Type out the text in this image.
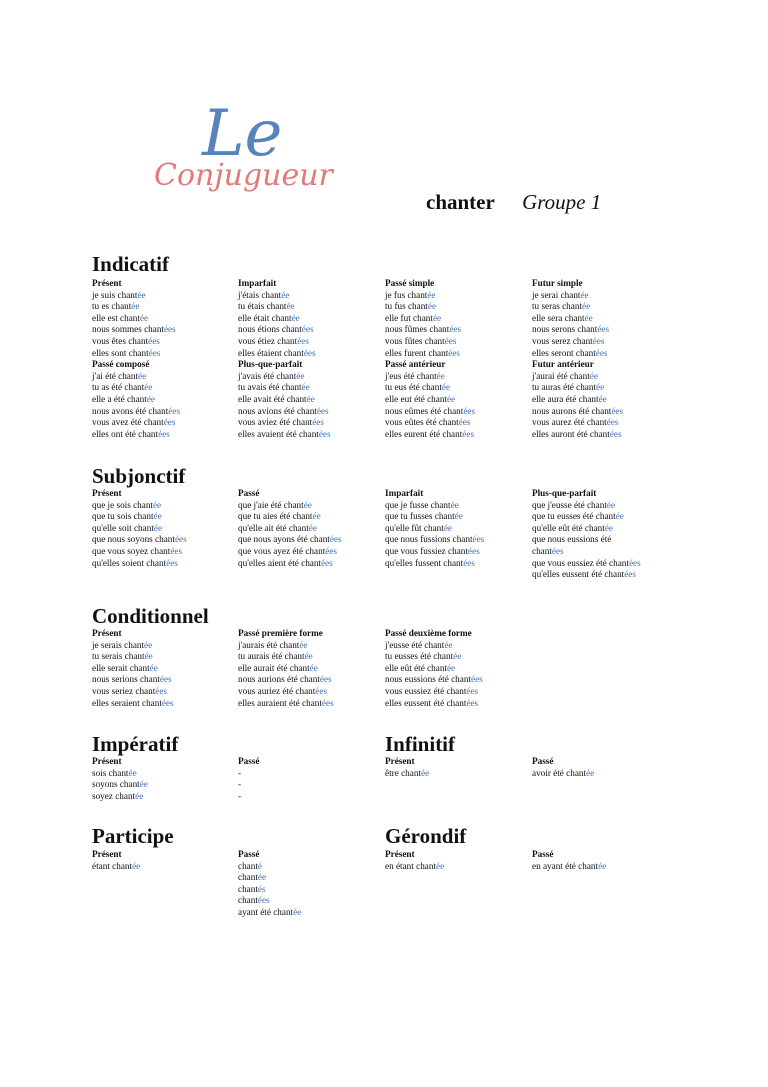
Le
Conjugueur
chanter Groupe 1
Indicatif
Présent
je suis chantée
tu es chantée
elle est chantée
nous sommes chantées
vous êtes chantées
elles sont chantées
Passé composé
j'ai été chantée
tu as été chantée
elle a été chantée
nous avons été chantées
vous avez été chantées
elles ont été chantées
Imparfait
j'étais chantée
tu étais chantée
elle était chantée
nous étions chantées
vous étiez chantées
elles étaient chantées
Plus-que-parfait
j'avais été chantée
tu avais été chantée
elle avait été chantée
nous avions été chantées
vous aviez été chantées
elles avaient été chantées
Passé simple
je fus chantée
tu fus chantée
elle fut chantée
nous fûmes chantées
vous fûtes chantées
elles furent chantées
Passé antérieur
j'eus été chantée
tu eus été chantée
elle eut été chantée
nous eûmes été chantées
vous eûtes été chantées
elles eurent été chantées
Futur simple
je serai chantée
tu seras chantée
elle sera chantée
nous serons chantées
vous serez chantées
elles seront chantées
Futur antérieur
j'aurai été chantée
tu auras été chantée
elle aura été chantée
nous aurons été chantées
vous aurez été chantées
elles auront été chantées
Subjonctif
Présent
que je sois chantée
que tu sois chantée
qu'elle soit chantée
que nous soyons chantées
que vous soyez chantées
qu'elles soient chantées
Passé
que j'aie été chantée
que tu aies été chantée
qu'elle ait été chantée
que nous ayons été chantées
que vous ayez été chantées
qu'elles aient été chantées
Imparfait
que je fusse chantée
que tu fusses chantée
qu'elle fût chantée
que nous fussions chantées
que vous fussiez chantées
qu'elles fussent chantées
Plus-que-parfait
que j'eusse été chantée
que tu eusses été chantée
qu'elle eût été chantée
que nous eussions été
chantées
que vous eussiez été chantées
qu'elles eussent été chantées
Conditionnel
Présent
je serais chantée
tu serais chantée
elle serait chantée
nous serions chantées
vous seriez chantées
elles seraient chantées
Passé première forme
j'aurais été chantée
tu aurais été chantée
elle aurait été chantée
nous aurions été chantées
vous auriez été chantées
elles auraient été chantées
Passé deuxième forme
j'eusse été chantée
tu eusses été chantée
elle eût été chantée
nous eussions été chantées
vous eussiez été chantées
elles eussent été chantées
Impératif
Présent
sois chantée
soyons chantée
soyez chantée
Passé
-
-
-
Infinitif
Présent
être chantée
Passé
avoir été chantée
Participe
Présent
étant chantée
Passé
chanté
chantée
chantés
chantées
ayant été chantée
Gérondif
Présent
en étant chantée
Passé
en ayant été chantée
